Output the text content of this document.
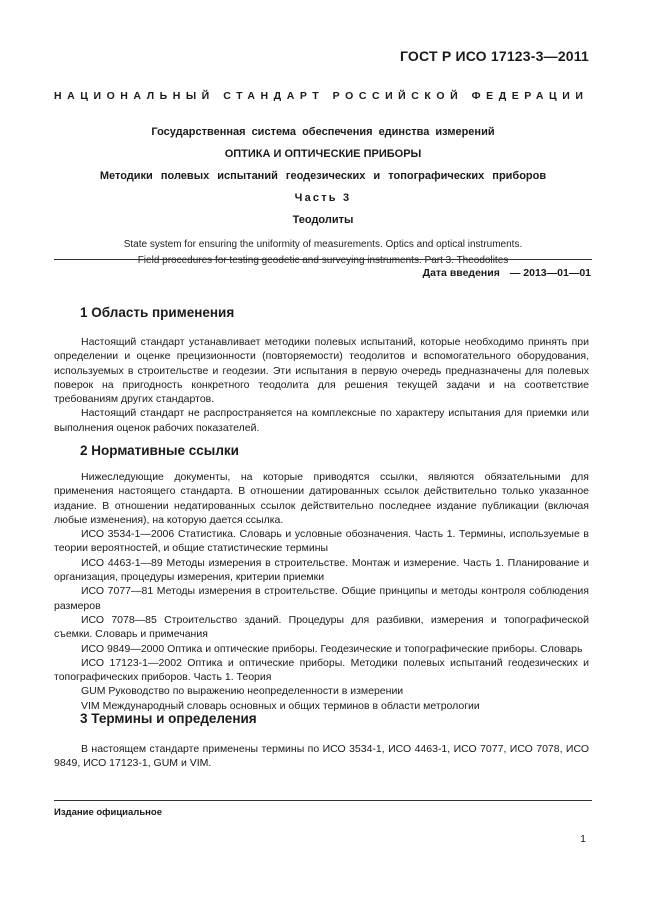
ГОСТ Р ИСО 17123-3—2011
НАЦИОНАЛЬНЫЙ СТАНДАРТ РОССИЙСКОЙ ФЕДЕРАЦИИ
Государственная система обеспечения единства измерений
ОПТИКА И ОПТИЧЕСКИЕ ПРИБОРЫ
Методики полевых испытаний геодезических и топографических приборов
Часть 3
Теодолиты
State system for ensuring the uniformity of measurements. Optics and optical instruments.
Field procedures for testing geodetic and surveying instruments. Part 3. Theodolites
Дата введения — 2013—01—01
1 Область применения

Настоящий стандарт устанавливает методики полевых испытаний, которые необходимо принять при определении и оценке прецизионности (повторяемости) теодолитов и вспомогательного оборудования, используемых в строительстве и геодезии. Эти испытания в первую очередь предназначены для полевых поверок на пригодность конкретного теодолита для решения текущей задачи и на соответствие требованиям других стандартов.

Настоящий стандарт не распространяется на комплексные по характеру испытания для приемки или выполнения оценок рабочих показателей.

2 Нормативные ссылки

Нижеследующие документы, на которые приводятся ссылки, являются обязательными для применения настоящего стандарта. В отношении датированных ссылок действительно только указанное издание. В отношении недатированных ссылок действительно последнее издание публикации (включая любые изменения), на которую дается ссылка.

ИСО 3534-1—2006 Статистика. Словарь и условные обозначения. Часть 1. Термины, используемые в теории вероятностей, и общие статистические термины

ИСО 4463-1—89 Методы измерения в строительстве. Монтаж и измерение. Часть 1. Планирование и организация, процедуры измерения, критерии приемки

ИСО 7077—81 Методы измерения в строительстве. Общие принципы и методы контроля соблюдения размеров

ИСО 7078—85 Строительство зданий. Процедуры для разбивки, измерения и топографической съемки. Словарь и примечания

ИСО 9849—2000 Оптика и оптические приборы. Геодезические и топографические приборы. Словарь

ИСО 17123-1—2002 Оптика и оптические приборы. Методики полевых испытаний геодезических и топографических приборов. Часть 1. Теория

GUM Руководство по выражению неопределенности в измерении

VIM Международный словарь основных и общих терминов в области метрологии

3 Термины и определения

В настоящем стандарте применены термины по ИСО 3534-1, ИСО 4463-1, ИСО 7077, ИСО 7078, ИСО 9849, ИСО 17123-1, GUM и VIM.

Издание официальное
1
